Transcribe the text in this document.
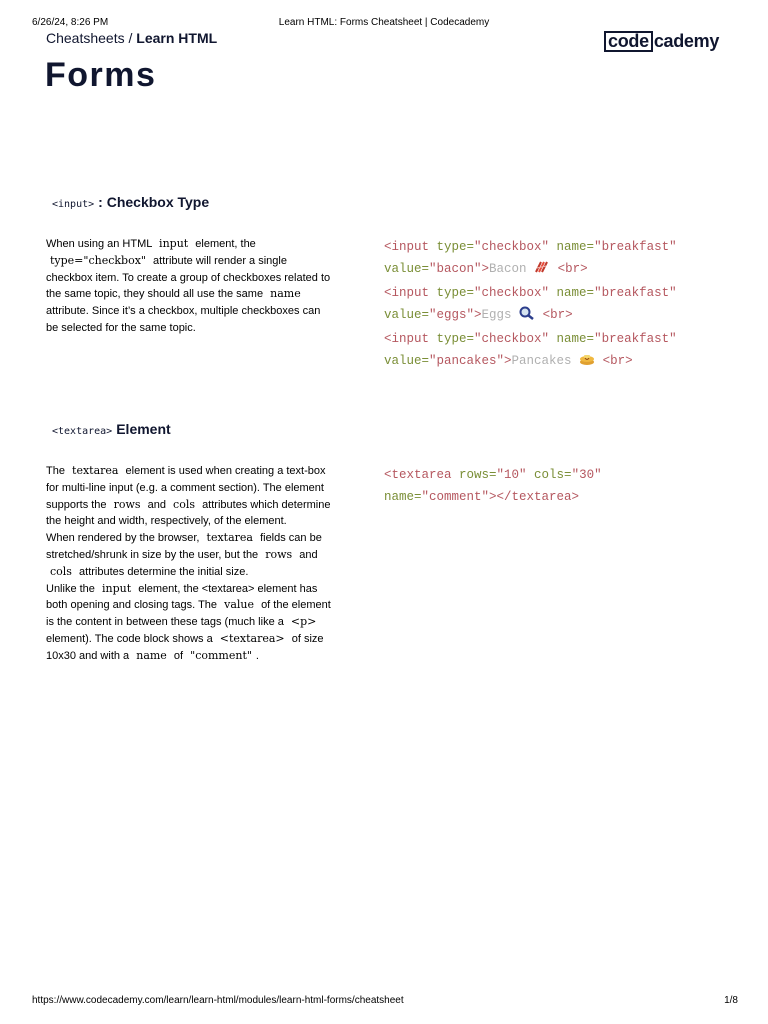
6/26/24, 8:26 PM	Learn HTML: Forms Cheatsheet | Codecademy
Cheatsheets / Learn HTML	code cademy
Forms
<input> : Checkbox Type

When using an HTML input element, the type="checkbox" attribute will render a single checkbox item. To create a group of checkboxes related to the same topic, they should all use the same name attribute. Since it’s a checkbox, multiple checkboxes can be selected for the same topic.

<input type="checkbox" name="breakfast"
value="bacon">Bacon  <br>
<input type="checkbox" name="breakfast"
value="eggs">Eggs  <br>
<input type="checkbox" name="breakfast"
value="pancakes">Pancakes  <br>
<textarea> Element

The textarea element is used when creating a text-box for multi-line input (e.g. a comment section). The element supports the rows and cols attributes which determine the height and width, respectively, of the element.

When rendered by the browser, textarea fields can be stretched/shrunk in size by the user, but the rows and cols attributes determine the initial size.

Unlike the input element, the <textarea> element has both opening and closing tags. The value of the element is the content in between these tags (much like a <p> element). The code block shows a <textarea> of size 10x30 and with a name of "comment" .

<textarea rows="10" cols="30"
name="comment"></textarea>
https://www.codecademy.com/learn/learn-html/modules/learn-html-forms/cheatsheet	1/8
